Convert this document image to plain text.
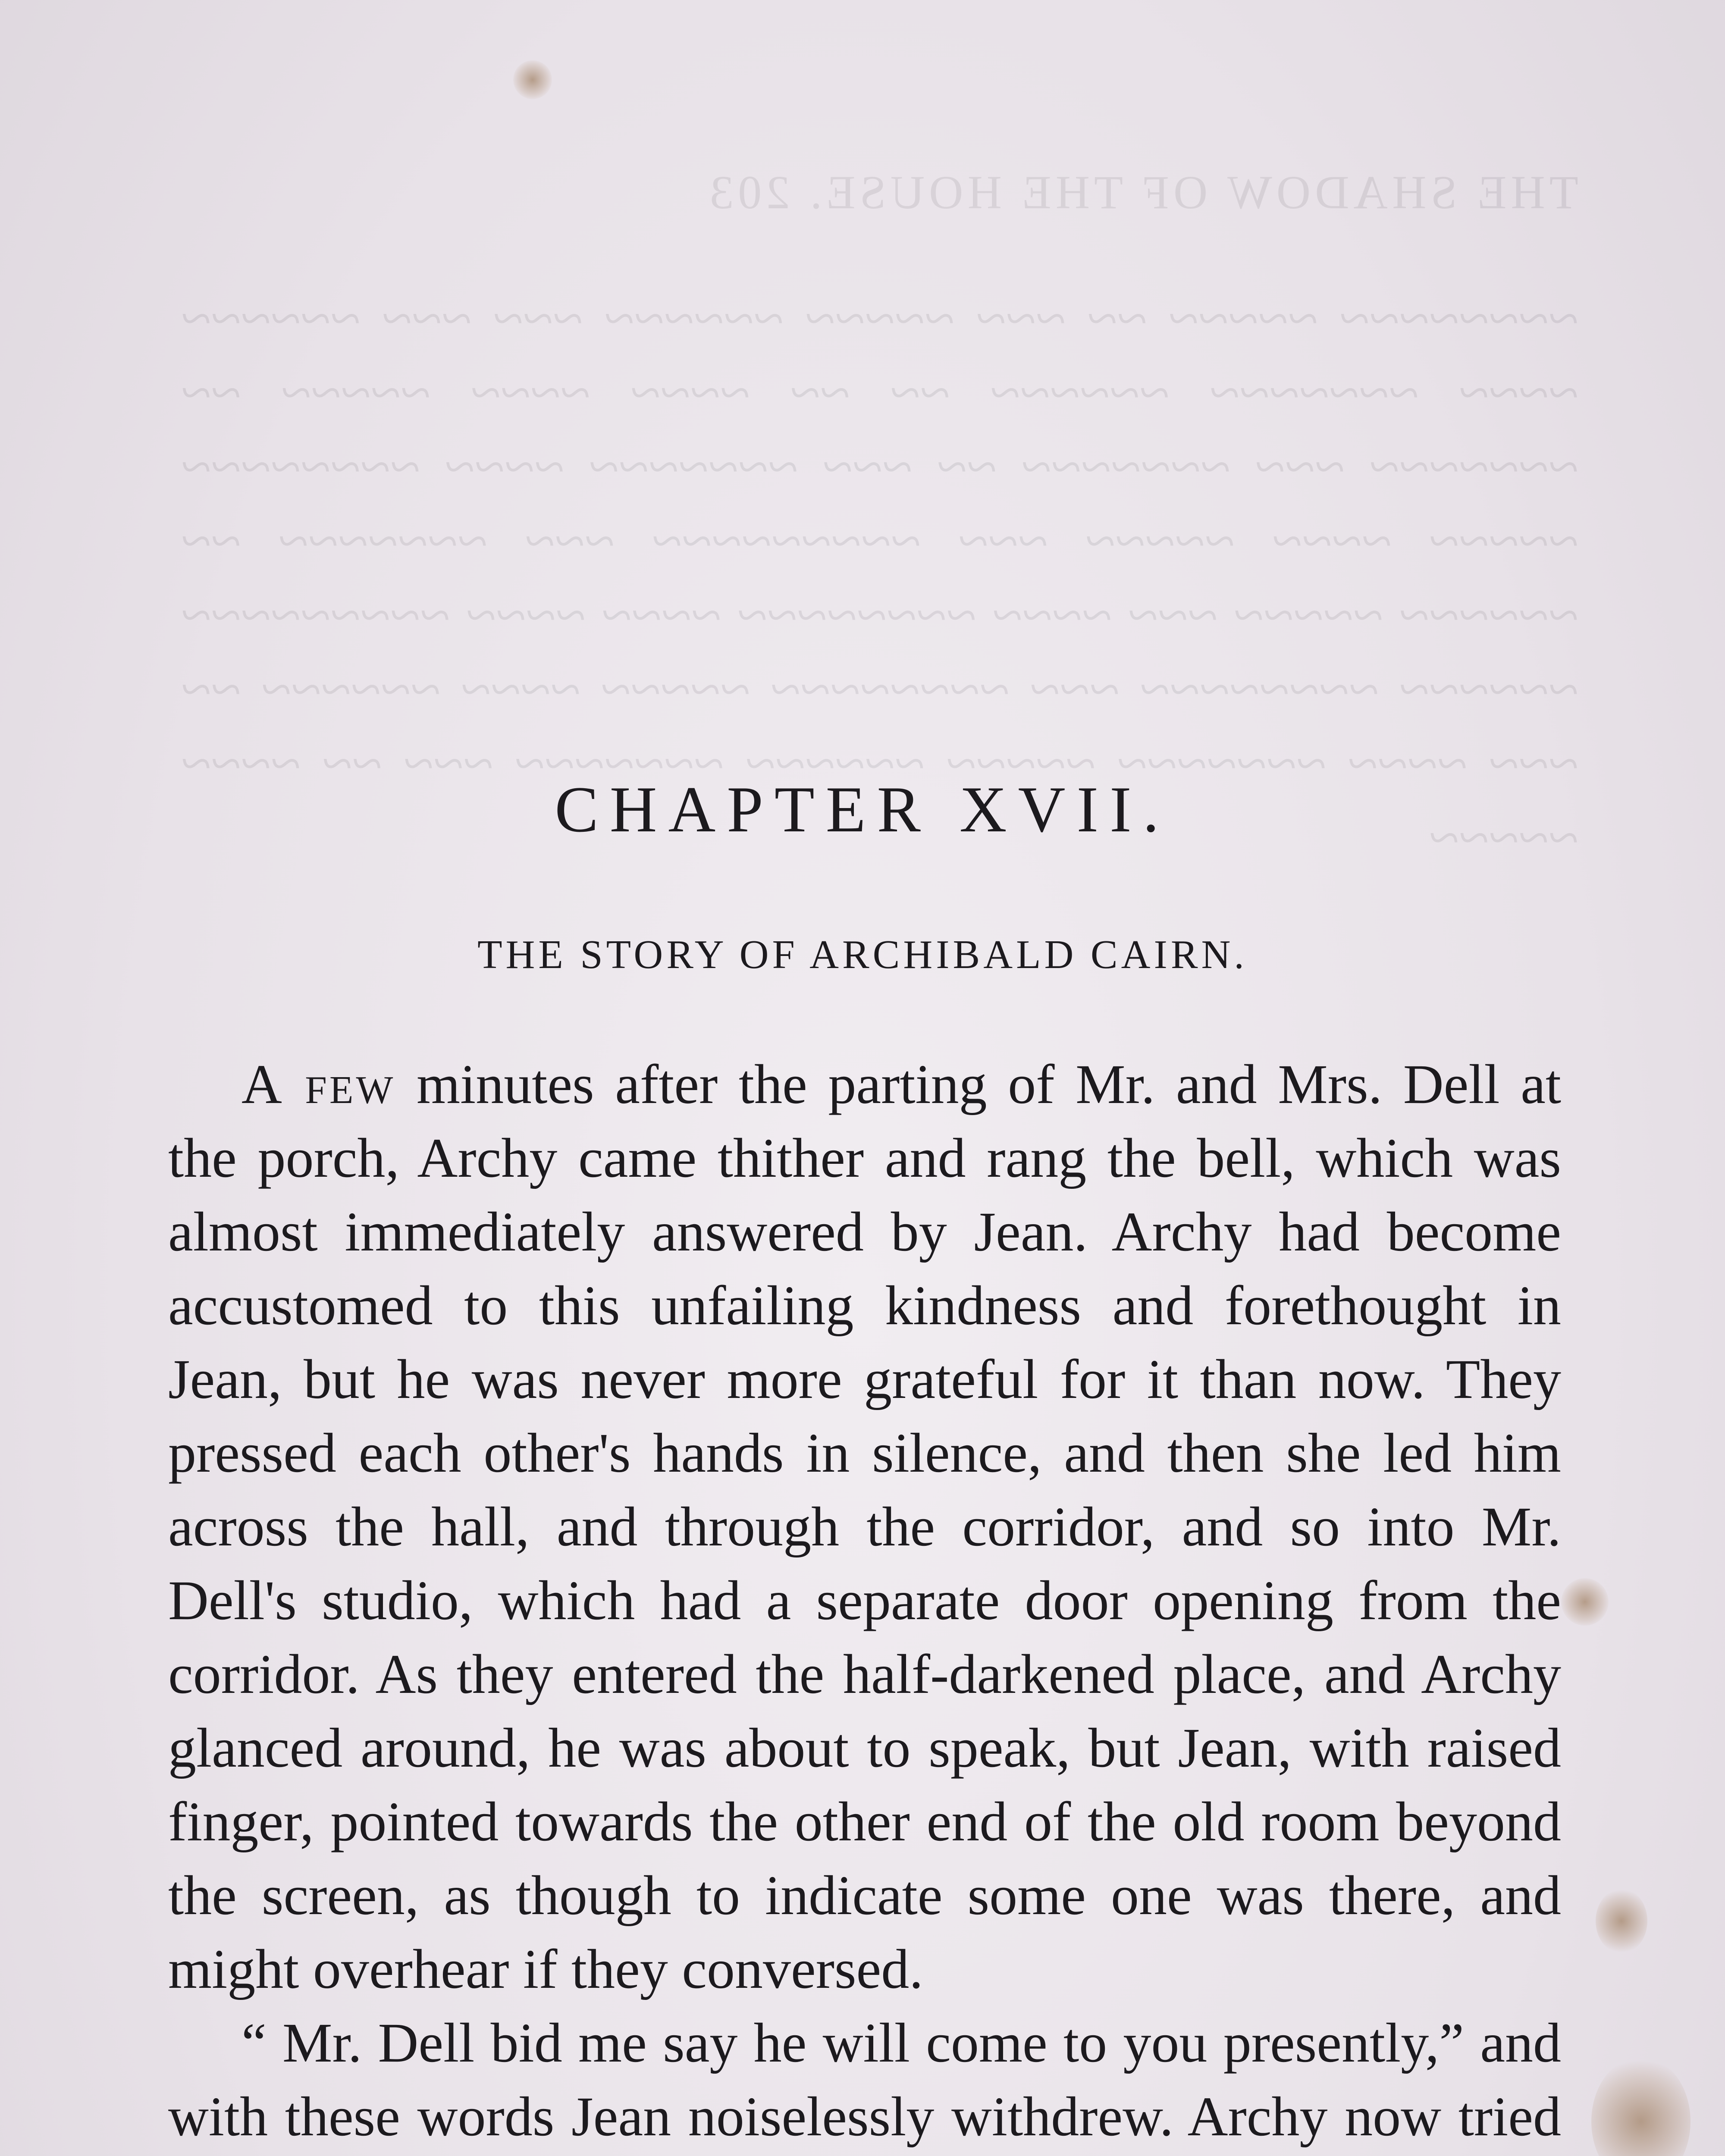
THE SHADOW OF THE HOUSE. 203
~~~~~~~~ ~~~~~ ~~ ~~~ ~~~~~ ~~~~~~ ~~~ ~~~ ~~~~~~ ~~~~ ~~~~~~~ ~~~~~~ ~~ ~~ ~~~~ ~~~~ ~~~~~ ~~ ~~~~~~~ ~~~ ~~~~~~~ ~~ ~~~ ~~~~~~~ ~~~~ ~~~~~~~~ ~~~~~ ~~~~ ~~~~~ ~~~ ~~~~~~~~~ ~~~ ~~~~~~~ ~~ ~~~~~~ ~~~~~ ~~~ ~~~~ ~~~~~~~~ ~~~~ ~~~~ ~~~~~~~~~ ~~~~~~ ~~~~~~~~ ~~~ ~~~~~~~~ ~~~~~ ~~~~ ~~~~~~ ~~ ~~~ ~~~~ ~~~~~~~ ~~~~~ ~~~~~~ ~~~~~~~ ~~~ ~~ ~~~~ ~~~~~
CHAPTER XVII.
THE STORY OF ARCHIBALD CAIRN.

A few minutes after the parting of Mr. and Mrs. Dell at the porch, Archy came thither and rang the bell, which was almost immediately answered by Jean. Archy had become accustomed to this unfailing kindness and forethought in Jean, but he was never more grateful for it than now. They pressed each other's hands in silence, and then she led him across the hall, and through the corridor, and so into Mr. Dell's studio, which had a separate door opening from the corridor. As they entered the half-darkened place, and Archy glanced around, he was about to speak, but Jean, with raised finger, pointed towards the other end of the old room beyond the screen, as though to indicate some one was there, and might overhear if they conversed.

“ Mr. Dell bid me say he will come to you presently,” and with these words Jean noiselessly withdrew. Archy now tried
